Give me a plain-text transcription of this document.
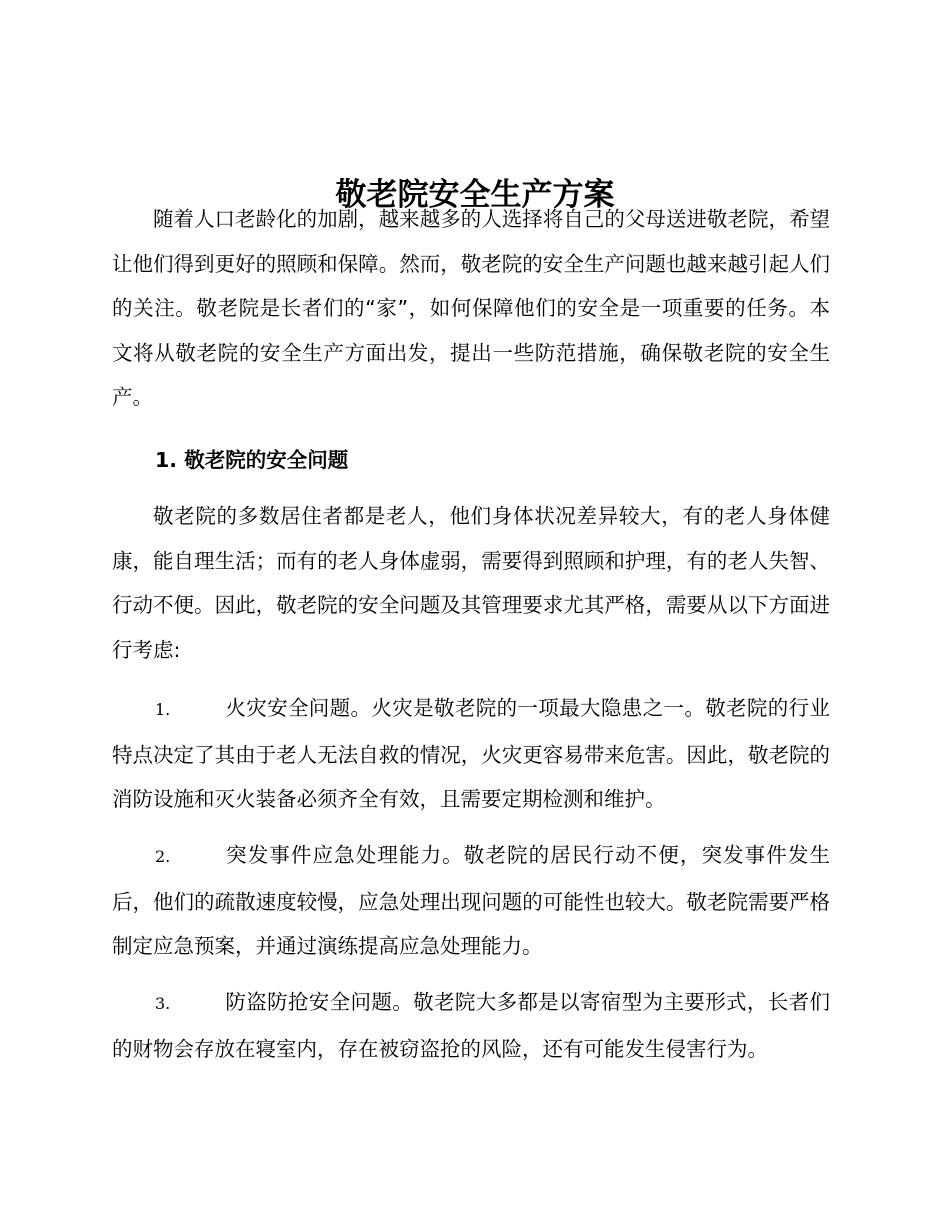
敬老院安全生产方案

随着人口老龄化的加剧，越来越多的人选择将自己的父母送进敬老院，希望让他们得到更好的照顾和保障。然而，敬老院的安全生产问题也越来越引起人们的关注。敬老院是长者们的“家”，如何保障他们的安全是一项重要的任务。本文将从敬老院的安全生产方面出发，提出一些防范措施，确保敬老院的安全生产。

1. 敬老院的安全问题

敬老院的多数居住者都是老人，他们身体状况差异较大，有的老人身体健康，能自理生活；而有的老人身体虚弱，需要得到照顾和护理，有的老人失智、行动不便。因此，敬老院的安全问题及其管理要求尤其严格，需要从以下方面进行考虑:

1.	火灾安全问题。火灾是敬老院的一项最大隐患之一。敬老院的行业特点决定了其由于老人无法自救的情况，火灾更容易带来危害。因此，敬老院的消防设施和灭火装备必须齐全有效，且需要定期检测和维护。

2.	突发事件应急处理能力。敬老院的居民行动不便，突发事件发生后，他们的疏散速度较慢，应急处理出现问题的可能性也较大。敬老院需要严格制定应急预案，并通过演练提高应急处理能力。

3.	防盗防抢安全问题。敬老院大多都是以寄宿型为主要形式，长者们的财物会存放在寝室内，存在被窃盗抢的风险，还有可能发生侵害行为。
